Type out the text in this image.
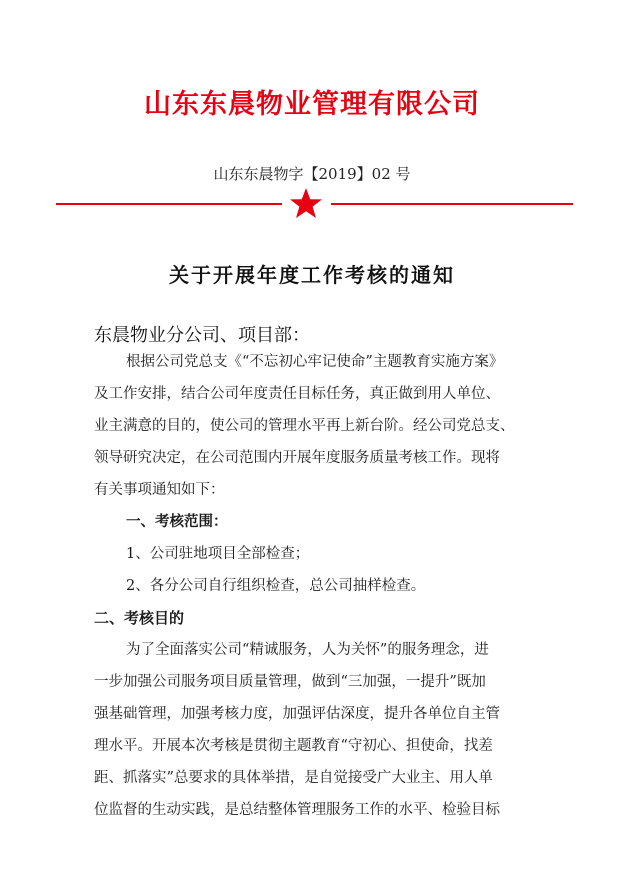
山东东晨物业管理有限公司
山东东晨物字【2019】02 号
关于开展年度工作考核的通知
东晨物业分公司、项目部：
根据公司党总支《“不忘初心牢记使命”主题教育实施方案》
及工作安排，结合公司年度责任目标任务，真正做到用人单位、
业主满意的目的，使公司的管理水平再上新台阶。经公司党总支、
领导研究决定，在公司范围内开展年度服务质量考核工作。现将
有关事项通知如下：
一、考核范围：
1、公司驻地项目全部检查；
2、各分公司自行组织检查，总公司抽样检查。
二、考核目的
为了全面落实公司“精诚服务，人为关怀”的服务理念，进
一步加强公司服务项目质量管理，做到“三加强，一提升”既加
强基础管理，加强考核力度，加强评估深度，提升各单位自主管
理水平。开展本次考核是贯彻主题教育“守初心、担使命，找差
距、抓落实”总要求的具体举措，是自觉接受广大业主、用人单
位监督的生动实践，是总结整体管理服务工作的水平、检验目标
